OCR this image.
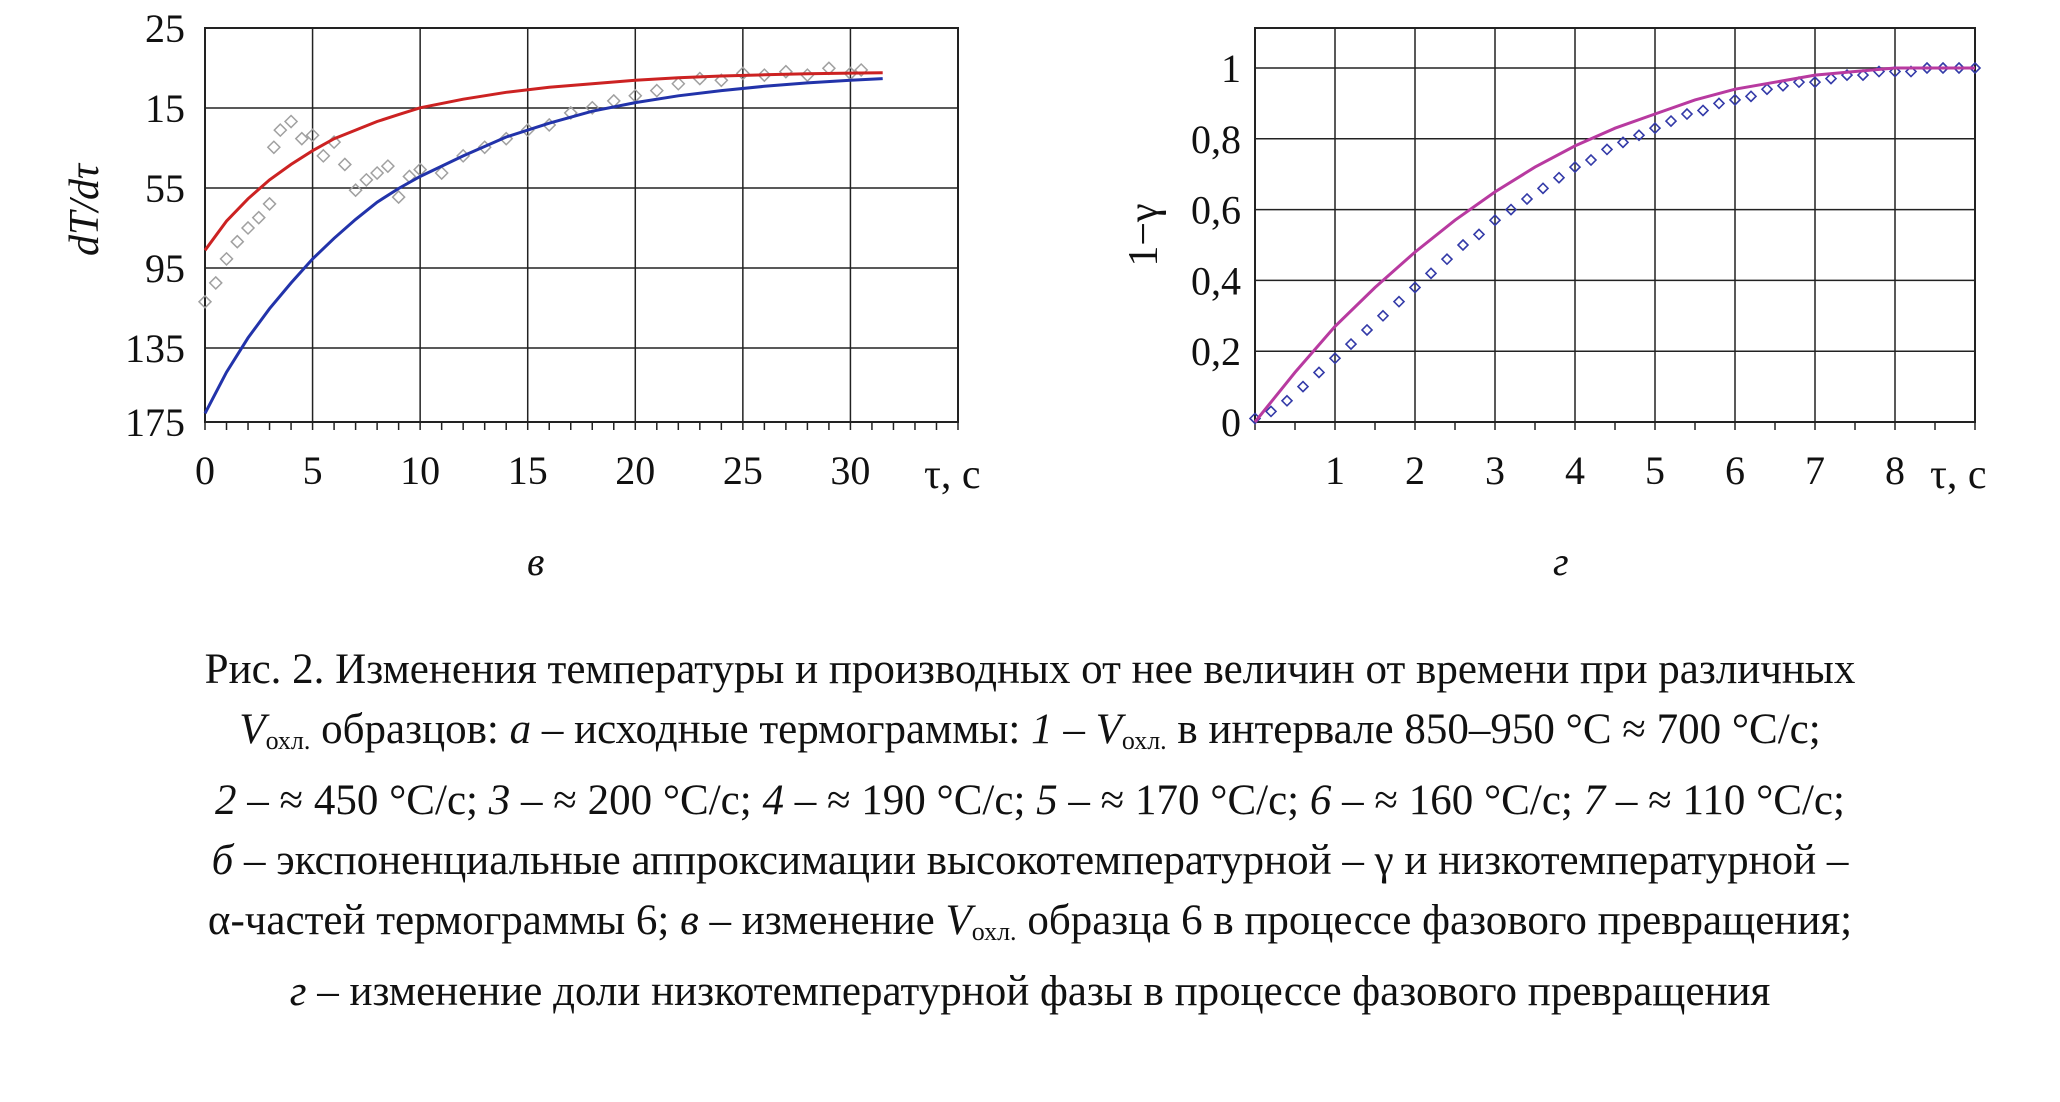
25
15
55
95
135
175
0 5 10 15 20 25 30 τ, с
dT/dτ
в
1
0,8
0,6
0,4
0,2
0
1 2 3 4 5 6 7 8 τ, с
1−γ
г
Рис. 2. Изменения температуры и производных от нее величин от времени при различных
$V_{охл.}$ образцов: а – исходные термограммы: $1 - V_{охл.}$ в интервале 850–950 °С ≈ 700 °С/с;
2 – ≈ 450 °С/с; 3 – ≈ 200 °С/с; 4 – ≈ 190 °С/с; 5 – ≈ 170 °С/с; 6 – ≈ 160 °С/с; 7 – ≈ 110 °С/с;
б – экспоненциальные аппроксимации высокотемпературной – γ и низкотемпературной –
α-частей термограммы 6; в – изменение $V_{охл.}$ образца 6 в процессе фазового превращения;
г – изменение доли низкотемпературной фазы в процессе фазового превращения
